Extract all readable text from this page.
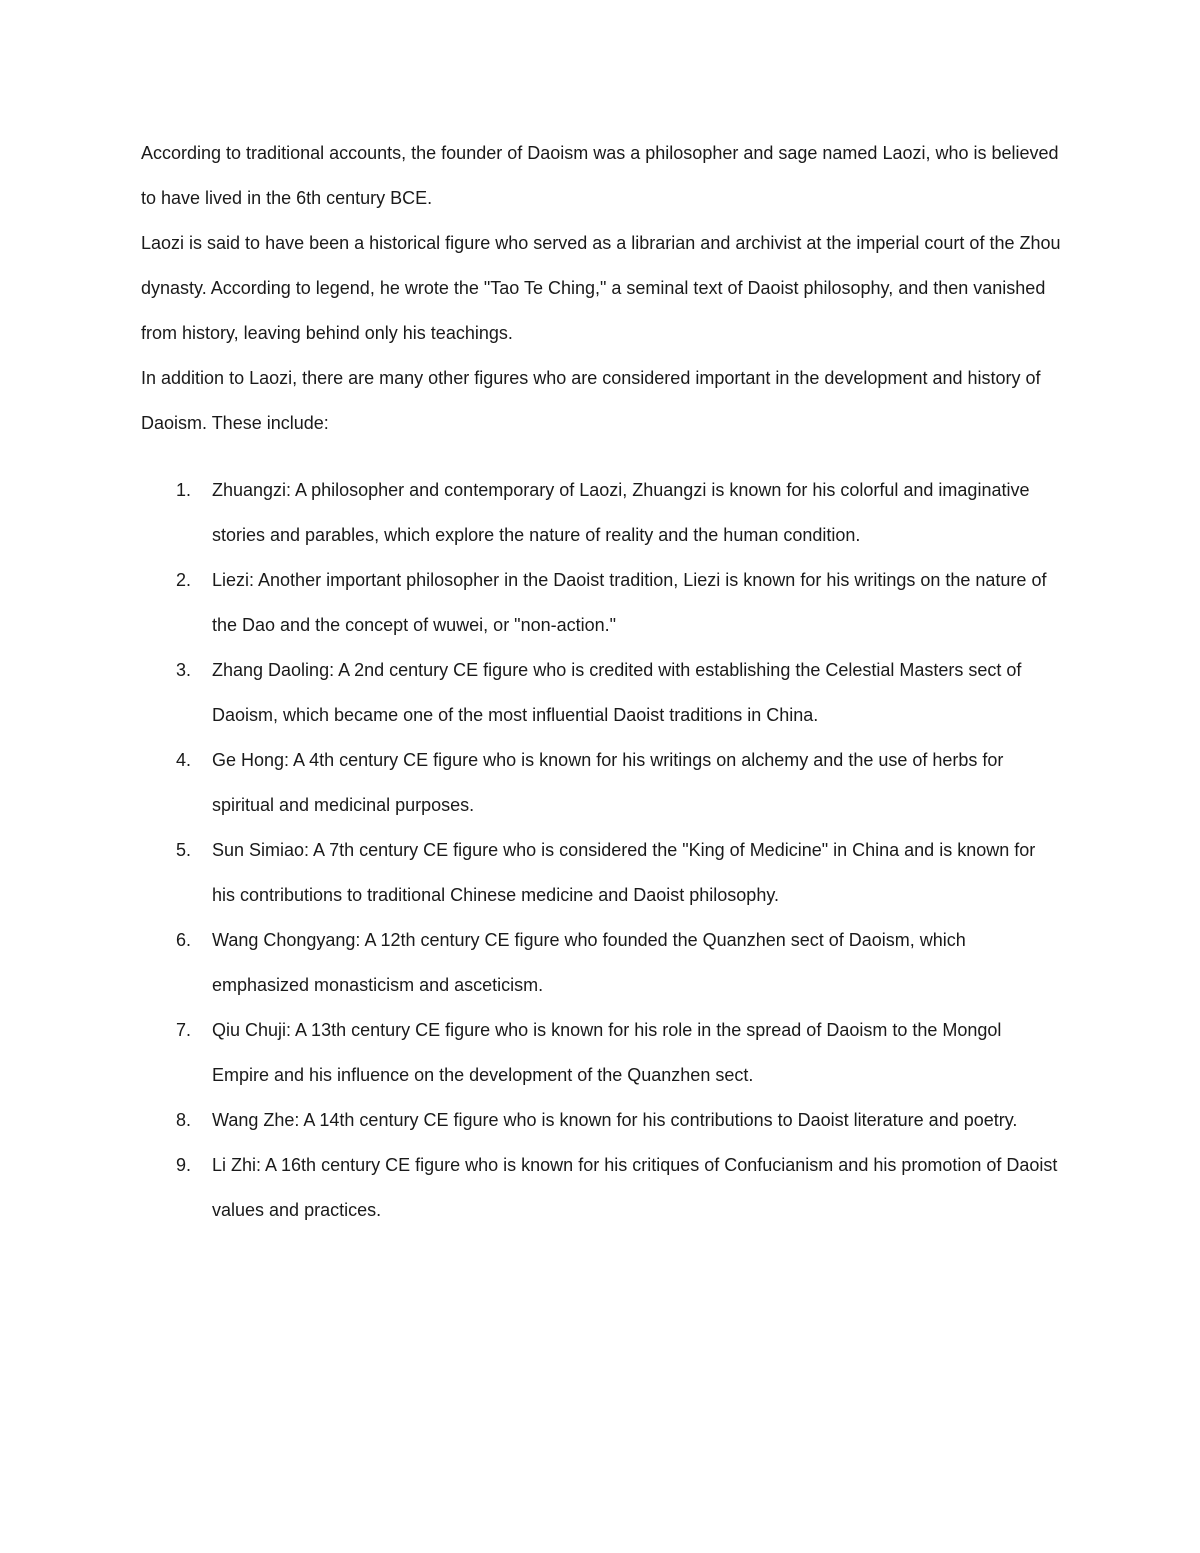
According to traditional accounts, the founder of Daoism was a philosopher and sage named Laozi, who is believed to have lived in the 6th century BCE.

Laozi is said to have been a historical figure who served as a librarian and archivist at the imperial court of the Zhou dynasty. According to legend, he wrote the "Tao Te Ching," a seminal text of Daoist philosophy, and then vanished from history, leaving behind only his teachings.

In addition to Laozi, there are many other figures who are considered important in the development and history of Daoism. These include:

1.	Zhuangzi: A philosopher and contemporary of Laozi, Zhuangzi is known for his colorful and imaginative stories and parables, which explore the nature of reality and the human condition.
2.	Liezi: Another important philosopher in the Daoist tradition, Liezi is known for his writings on the nature of the Dao and the concept of wuwei, or "non-action."
3.	Zhang Daoling: A 2nd century CE figure who is credited with establishing the Celestial Masters sect of Daoism, which became one of the most influential Daoist traditions in China.
4.	Ge Hong: A 4th century CE figure who is known for his writings on alchemy and the use of herbs for spiritual and medicinal purposes.
5.	Sun Simiao: A 7th century CE figure who is considered the "King of Medicine" in China and is known for his contributions to traditional Chinese medicine and Daoist philosophy.
6.	Wang Chongyang: A 12th century CE figure who founded the Quanzhen sect of Daoism, which emphasized monasticism and asceticism.
7.	Qiu Chuji: A 13th century CE figure who is known for his role in the spread of Daoism to the Mongol Empire and his influence on the development of the Quanzhen sect.
8.	Wang Zhe: A 14th century CE figure who is known for his contributions to Daoist literature and poetry.
9.	Li Zhi: A 16th century CE figure who is known for his critiques of Confucianism and his promotion of Daoist values and practices.
